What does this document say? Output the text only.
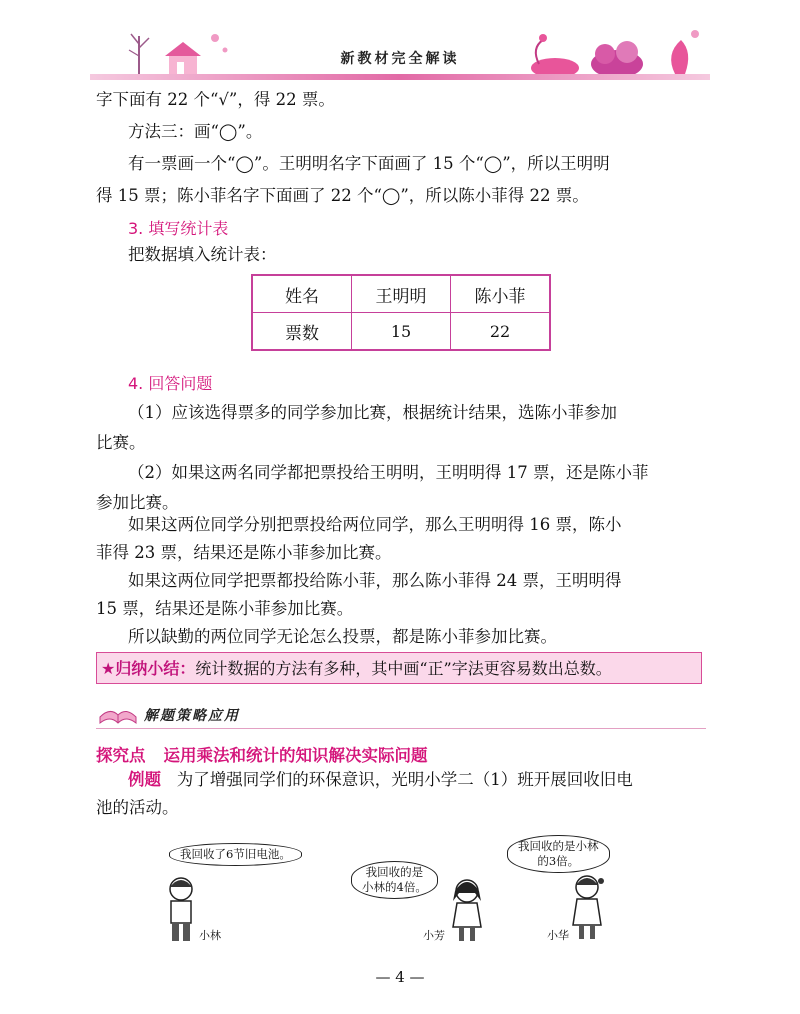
新教材完全解读
字下面有 22 个“√”，得 22 票。
方法三：画“◯”。
有一票画一个“◯”。王明明名字下面画了 15 个“◯”，所以王明明
得 15 票；陈小菲名字下面画了 22 个“◯”，所以陈小菲得 22 票。
3. 填写统计表
把数据填入统计表：
姓名	王明明	陈小菲
票数	15	22
4. 回答问题
（1）应该选得票多的同学参加比赛，根据统计结果，选陈小菲参加
比赛。
（2）如果这两名同学都把票投给王明明，王明明得 17 票，还是陈小菲
参加比赛。
如果这两位同学分别把票投给两位同学，那么王明明得 16 票，陈小
菲得 23 票，结果还是陈小菲参加比赛。
如果这两位同学把票都投给陈小菲，那么陈小菲得 24 票，王明明得
15 票，结果还是陈小菲参加比赛。
所以缺勤的两位同学无论怎么投票，都是陈小菲参加比赛。
★归纳小结：统计数据的方法有多种，其中画“正”字法更容易数出总数。
解题策略应用
探究点 运用乘法和统计的知识解决实际问题
例题 为了增强同学们的环保意识，光明小学二（1）班开展回收旧电
池的活动。
我回收了6节旧电池。
我回收的是
小林的4倍。
我回收的是小林
的3倍。
小林	小芳	小华
— 4 —
